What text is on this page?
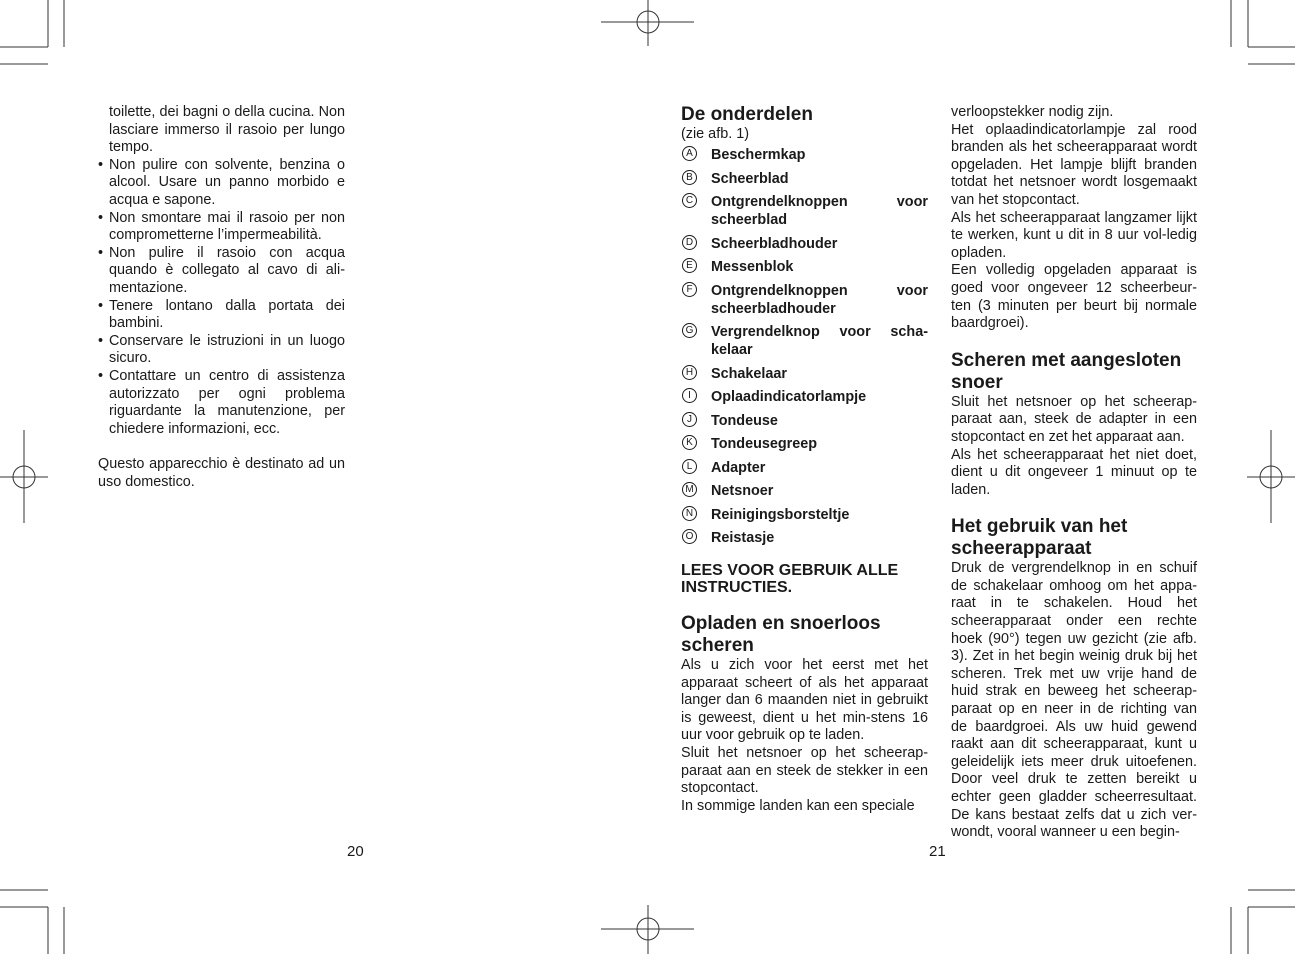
toilette, dei bagni o della cucina. Non lasciare immerso il rasoio per lungo tempo.
• Non pulire con solvente, benzina o alcool. Usare un panno morbido e acqua e sapone.
• Non smontare mai il rasoio per non comprometterne l’impermeabilità.
• Non pulire il rasoio con acqua quando è collegato al cavo di ali-mentazione.
• Tenere lontano dalla portata dei bambini.
• Conservare le istruzioni in un luogo sicuro.
• Contattare un centro di assistenza autorizzato per ogni problema riguardante la manutenzione, per chiedere informazioni, ecc.

Questo apparecchio è destinato ad un uso domestico.

20
De onderdelen
(zie afb. 1)
A Beschermkap
B Scheerblad
C Ontgrendelknoppen voor scheerblad
D Scheerbladhouder
E Messenblok
F	Ontgrendelknoppen voor scheerbladhouder
G Vergrendelknop voor scha-kelaar
H Schakelaar
I	Oplaadindicatorlampje
J	Tondeuse
K Tondeusegreep
L	Adapter
M Netsnoer
N Reinigingsborsteltje
O Reistasje
LEES VOOR GEBRUIK ALLE INSTRUCTIES.
Opladen en snoerloos scheren

Als u zich voor het eerst met het apparaat scheert of als het apparaat langer dan 6 maanden niet in gebruikt is geweest, dient u het min-stens 16 uur voor gebruik op te laden.

Sluit het netsnoer op het scheerap-paraat aan en steek de stekker in een stopcontact.

In sommige landen kan een speciale

21

verloopstekker nodig zijn.

Het oplaadindicatorlampje zal rood branden als het scheerapparaat wordt opgeladen. Het lampje blijft branden totdat het netsnoer wordt losgemaakt van het stopcontact.

Als het scheerapparaat langzamer lijkt te werken, kunt u dit in 8 uur vol-ledig opladen.

Een volledig opgeladen apparaat is goed voor ongeveer 12 scheerbeur-ten (3 minuten per beurt bij normale baardgroei).

Scheren met aangesloten snoer

Sluit het netsnoer op het scheerap-paraat aan, steek de adapter in een stopcontact en zet het apparaat aan.

Als het scheerapparaat het niet doet, dient u dit ongeveer 1 minuut op te laden.

Het gebruik van het scheerapparaat

Druk de vergrendelknop in en schuif de schakelaar omhoog om het appa-raat in te schakelen. Houd het scheerapparaat onder een rechte hoek (90°) tegen uw gezicht (zie afb. 3). Zet in het begin weinig druk bij het scheren. Trek met uw vrije hand de huid strak en beweeg het scheerap-paraat op en neer in de richting van de baardgroei. Als uw huid gewend raakt aan dit scheerapparaat, kunt u geleidelijk iets meer druk uitoefenen. Door veel druk te zetten bereikt u echter geen gladder scheerresultaat. De kans bestaat zelfs dat u zich ver-wondt, vooral wanneer u een begin-
